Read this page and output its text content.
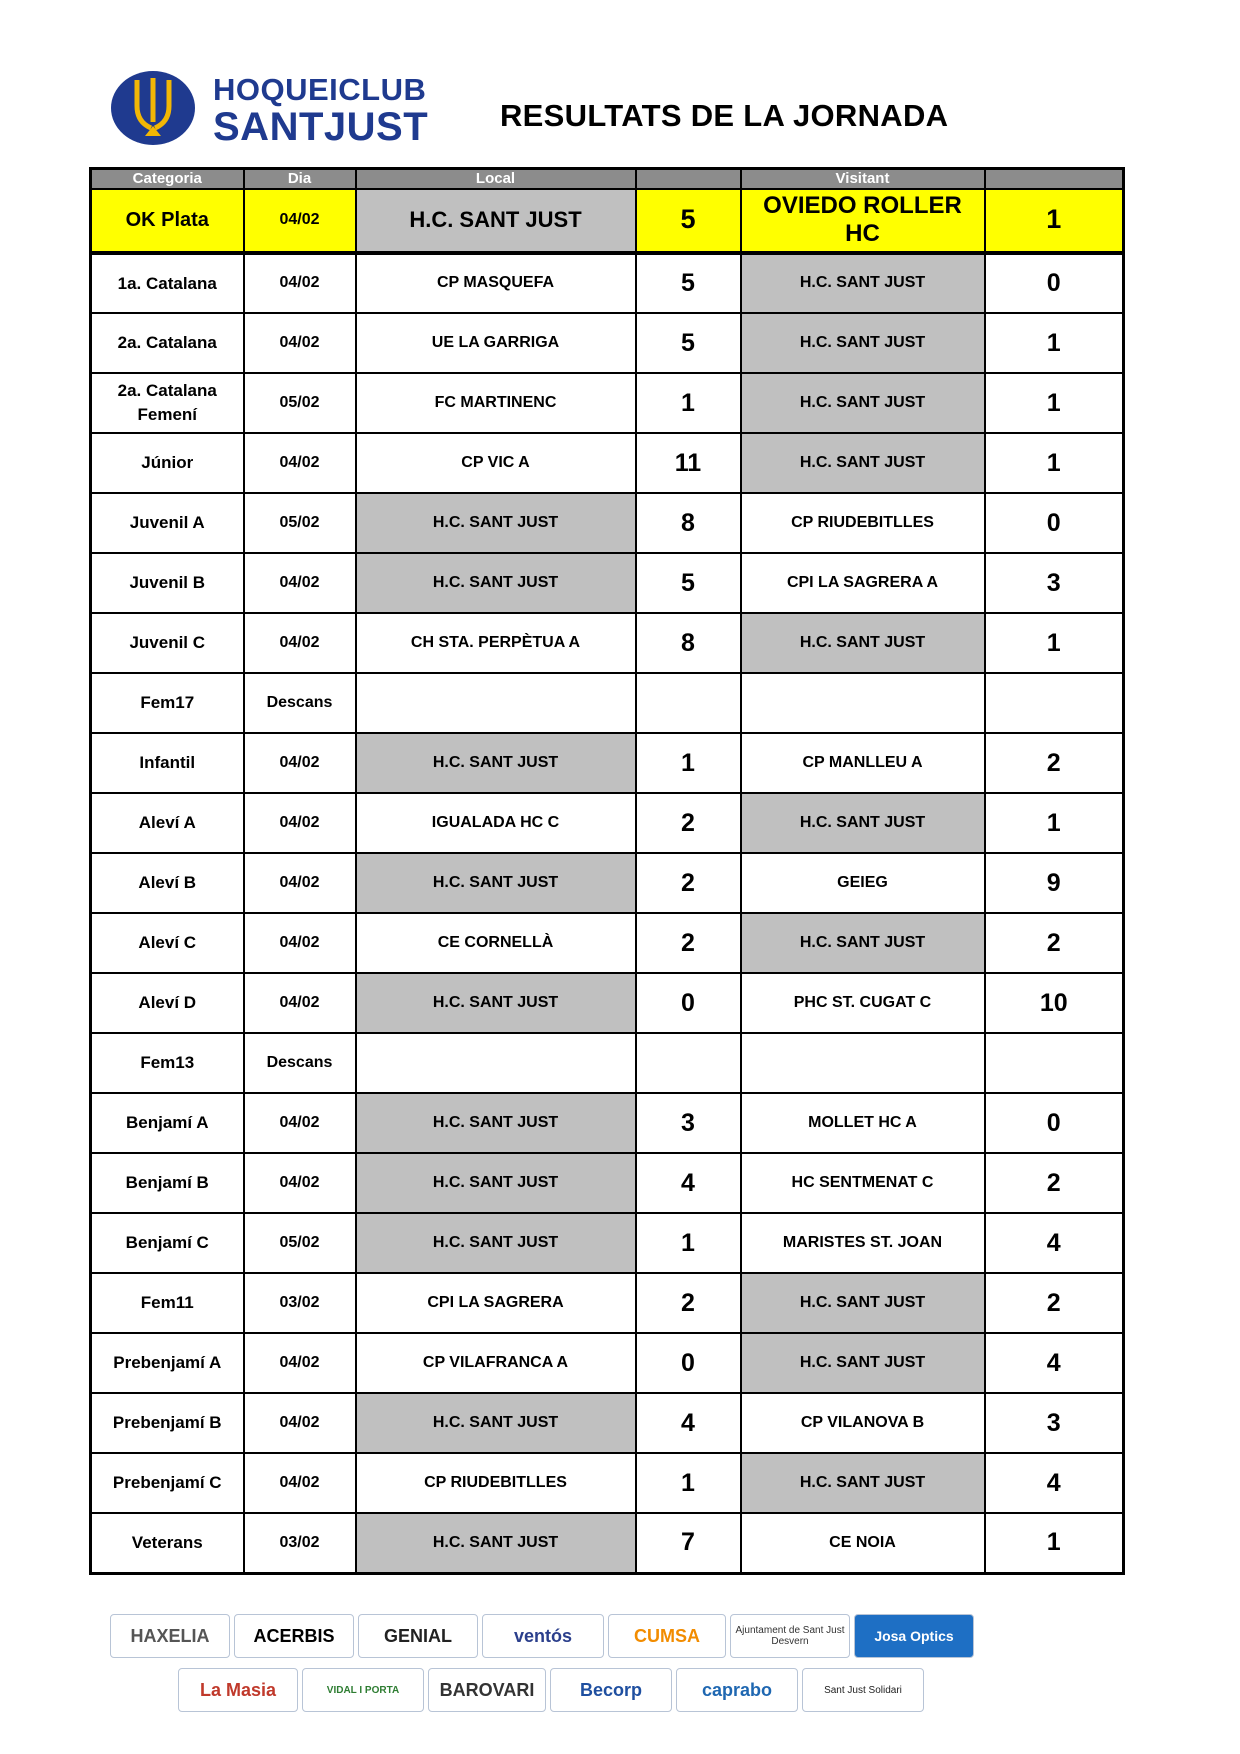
HOQUEICLUB
SANTJUST RESULTATS DE LA JORNADA
Categoria	Dia	Local		Visitant	
OK Plata	04/02	H.C. SANT JUST	5	OVIEDO ROLLER HC	1
1a. Catalana	04/02	CP MASQUEFA	5	H.C. SANT JUST	0
2a. Catalana	04/02	UE LA GARRIGA	5	H.C. SANT JUST	1
2a. Catalana Femení	05/02	FC MARTINENC	1	H.C. SANT JUST	1
Júnior	04/02	CP VIC A	11	H.C. SANT JUST	1
Juvenil A	05/02	H.C. SANT JUST	8	CP RIUDEBITLLES	0
Juvenil B	04/02	H.C. SANT JUST	5	CPI LA SAGRERA A	3
Juvenil C	04/02	CH STA. PERPÈTUA A	8	H.C. SANT JUST	1
Fem17	Descans				
Infantil	04/02	H.C. SANT JUST	1	CP MANLLEU A	2
Aleví A	04/02	IGUALADA HC C	2	H.C. SANT JUST	1
Aleví B	04/02	H.C. SANT JUST	2	GEIEG	9
Aleví C	04/02	CE CORNELLÀ	2	H.C. SANT JUST	2
Aleví D	04/02	H.C. SANT JUST	0	PHC ST. CUGAT C	10
Fem13	Descans				
Benjamí A	04/02	H.C. SANT JUST	3	MOLLET HC A	0
Benjamí B	04/02	H.C. SANT JUST	4	HC SENTMENAT C	2
Benjamí C	05/02	H.C. SANT JUST	1	MARISTES ST. JOAN	4
Fem11	03/02	CPI LA SAGRERA	2	H.C. SANT JUST	2
Prebenjamí A	04/02	CP VILAFRANCA A	0	H.C. SANT JUST	4
Prebenjamí B	04/02	H.C. SANT JUST	4	CP VILANOVA B	3
Prebenjamí C	04/02	CP RIUDEBITLLES	1	H.C. SANT JUST	4
Veterans	03/02	H.C. SANT JUST	7	CE NOIA	1
HAXELIA ACERBIS	GENIAL	ventós	CUMSA	Ajuntament de Sant Just Desvern	Josa Optics
La Masia	VIDAL I PORTA BAROVARI	Becorp	caprabo	Sant Just Solidari
